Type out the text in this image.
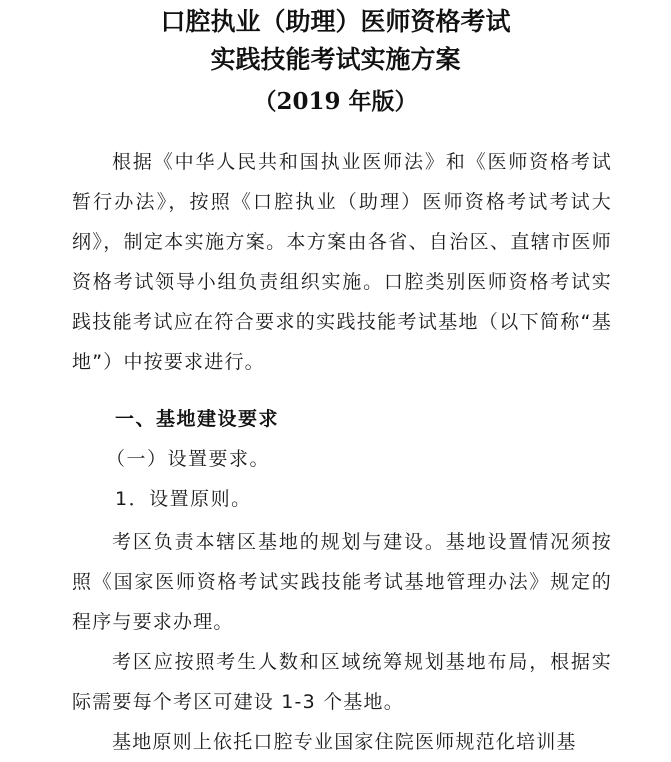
口腔执业（助理）医师资格考试
实践技能考试实施方案
（2019 年版）

根据《中华人民共和国执业医师法》和《医师资格考试暂行办法》，按照《口腔执业（助理）医师资格考试考试大纲》，制定本实施方案。本方案由各省、自治区、直辖市医师资格考试领导小组负责组织实施。口腔类别医师资格考试实践技能考试应在符合要求的实践技能考试基地（以下简称“基地”）中按要求进行。

一、基地建设要求
（一）设置要求。
1．设置原则。

考区负责本辖区基地的规划与建设。基地设置情况须按照《国家医师资格考试实践技能考试基地管理办法》规定的程序与要求办理。

考区应按照考生人数和区域统筹规划基地布局，根据实际需要每个考区可建设 1-3 个基地。

基地原则上依托口腔专业国家住院医师规范化培训基
